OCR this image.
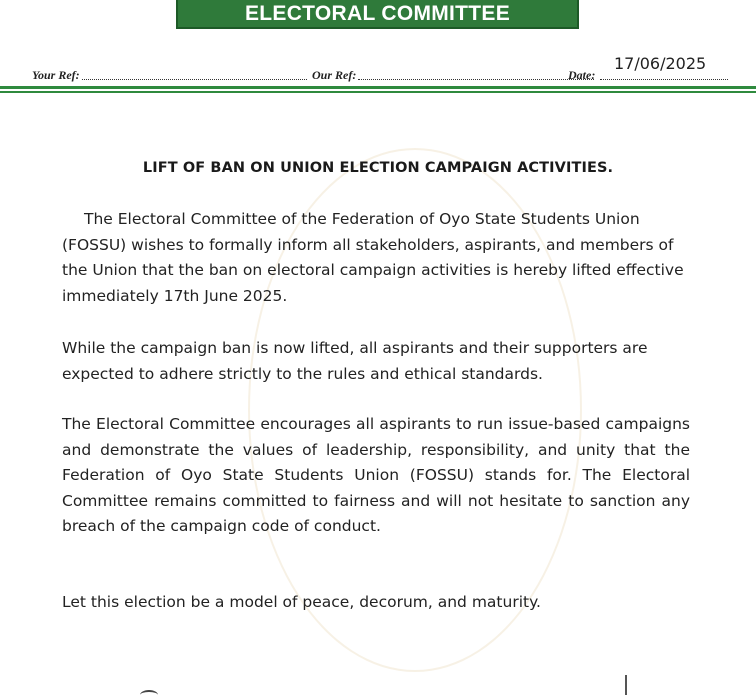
ELECTORAL COMMITTEE
17/06/2025
Your Ref:	Our Ref:	Date:
LIFT OF BAN ON UNION ELECTION CAMPAIGN ACTIVITIES.

The Electoral Committee of the Federation of Oyo State Students Union (FOSSU) wishes to formally inform all stakeholders, aspirants, and members of the Union that the ban on electoral campaign activities is hereby lifted effective immediately 17th June 2025.

While the campaign ban is now lifted, all aspirants and their supporters are expected to adhere strictly to the rules and ethical standards.

The Electoral Committee encourages all aspirants to run issue-based campaigns and demonstrate the values of leadership, responsibility, and unity that the Federation of Oyo State Students Union (FOSSU) stands for. The Electoral Committee remains committed to fairness and will not hesitate to sanction any breach of the campaign code of conduct.

Let this election be a model of peace, decorum, and maturity.
